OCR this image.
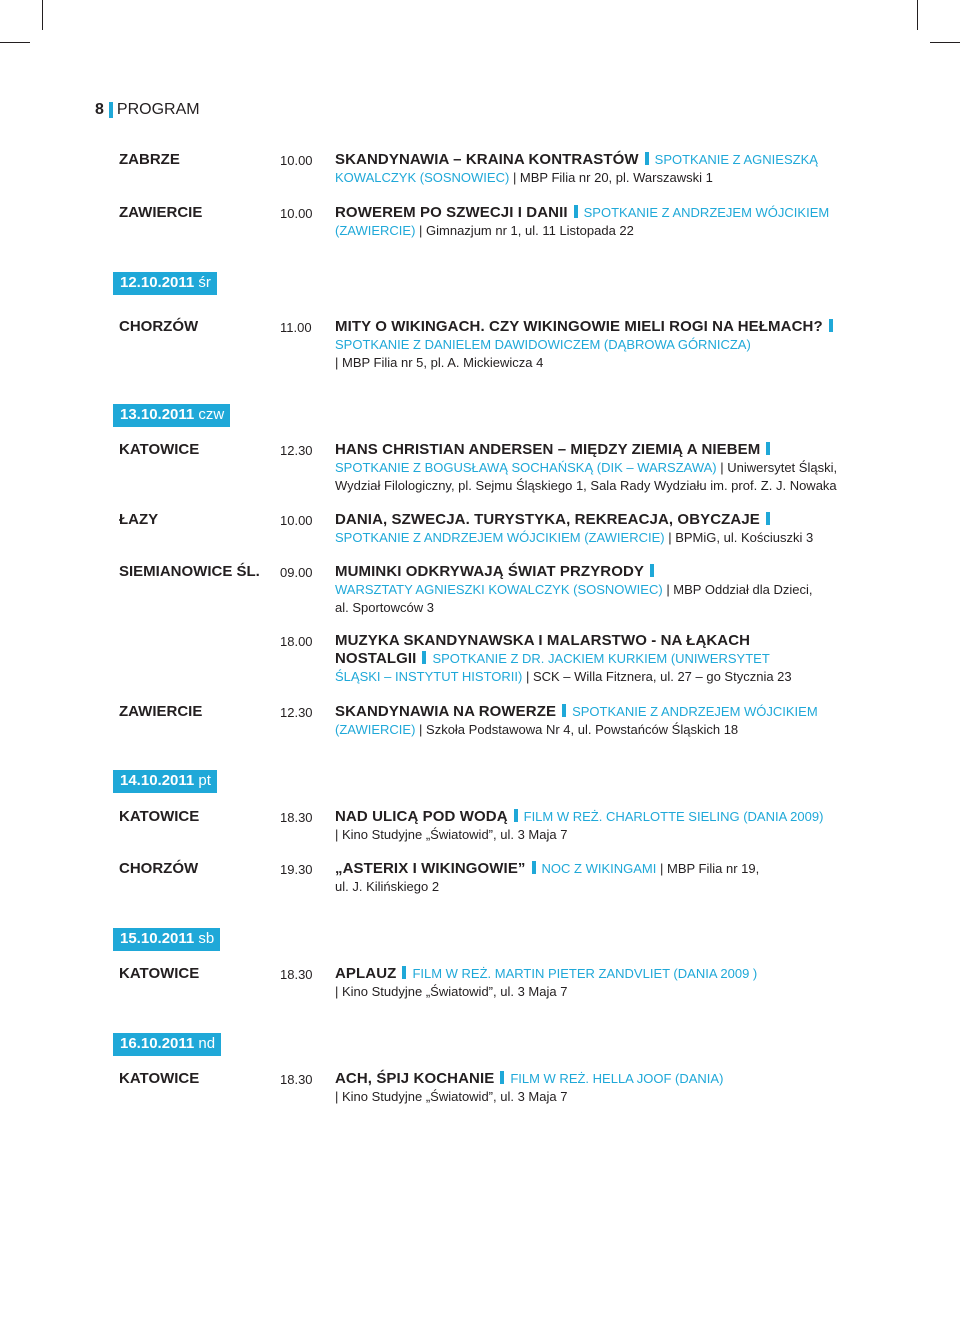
8 PROGRAM
ZABRZE	10.00	SKANDYNAWIA – KRAINA KONTRASTÓW SPOTKANIE Z AGNIESZKĄ KOWALCZYK (SOSNOWIEC) | MBP Filia nr 20, pl. Warszawski 1
ZAWIERCIE	10.00	ROWEREM PO SZWECJI I DANII SPOTKANIE Z ANDRZEJEM WÓJCIKIEM (ZAWIERCIE) | Gimnazjum nr 1, ul. 11 Listopada 22
12.10.2011 śr
CHORZÓW	11.00	MITY O WIKINGACH. CZY WIKINGOWIE MIELI ROGI NA HEŁMACH?
SPOTKANIE Z DANIELEM DAWIDOWICZEM (DĄBROWA GÓRNICZA)
| MBP Filia nr 5, pl. A. Mickiewicza 4
13.10.2011 czw
KATOWICE	12.30	HANS CHRISTIAN ANDERSEN – MIĘDZY ZIEMIĄ A NIEBEM
SPOTKANIE Z BOGUSŁAWĄ SOCHAŃSKĄ (DIK – WARSZAWA) | Uniwersytet Śląski, Wydział Filologiczny, pl. Sejmu Śląskiego 1, Sala Rady Wydziału im. prof. Z. J. Nowaka
ŁAZY	10.00	DANIA, SZWECJA. TURYSTYKA, REKREACJA, OBYCZAJE
SPOTKANIE Z ANDRZEJEM WÓJCIKIEM (ZAWIERCIE) | BPMiG, ul. Kościuszki 3
SIEMIANOWICE ŚL.	09.00	MUMINKI ODKRYWAJĄ ŚWIAT PRZYRODY
WARSZTATY AGNIESZKI KOWALCZYK (SOSNOWIEC) | MBP Oddział dla Dzieci, al. Sportowców 3
18.00	MUZYKA SKANDYNAWSKA I MALARSTWO - NA ŁĄKACH NOSTALGII SPOTKANIE Z DR. JACKIEM KURKIEM (UNIWERSYTET ŚLĄSKI – INSTYTUT HISTORII) | SCK – Willa Fitznera, ul. 27 – go Stycznia 23
ZAWIERCIE	12.30	SKANDYNAWIA NA ROWERZE SPOTKANIE Z ANDRZEJEM WÓJCIKIEM (ZAWIERCIE) | Szkoła Podstawowa Nr 4, ul. Powstańców Śląskich 18
14.10.2011 pt
KATOWICE	18.30	NAD ULICĄ POD WODĄ FILM W REŻ. CHARLOTTE SIELING (DANIA 2009)
| Kino Studyjne „Światowid”, ul. 3 Maja 7
CHORZÓW	19.30	„ASTERIX I WIKINGOWIE” NOC Z WIKINGAMI | MBP Filia nr 19, ul. J. Kilińskiego 2
15.10.2011 sb
KATOWICE	18.30	APLAUZ FILM W REŻ. MARTIN PIETER ZANDVLIET (DANIA 2009 )
| Kino Studyjne „Światowid”, ul. 3 Maja 7
16.10.2011 nd
KATOWICE	18.30	ACH, ŚPIJ KOCHANIE FILM W REŻ. HELLA JOOF (DANIA)
| Kino Studyjne „Światowid”, ul. 3 Maja 7
